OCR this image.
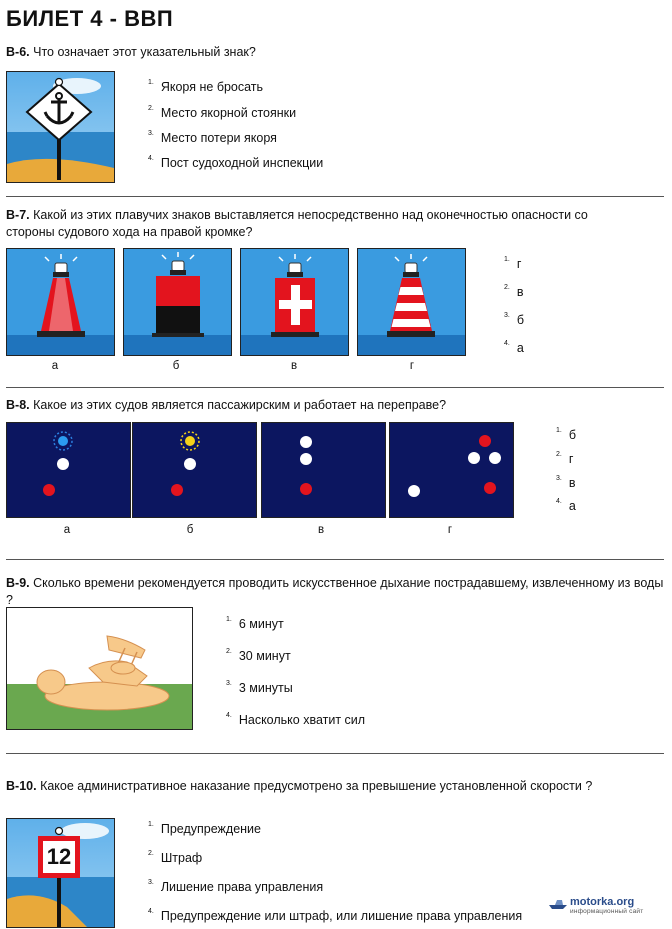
БИЛЕТ 4 - ВВП
В-6. Что означает этот указательный знак?
$^{1.}$ Якоря не бросать
$^{2.}$ Место якорной стоянки
$^{3.}$ Место потери якоря
$^{4.}$ Пост судоходной инспекции
В-7. Какой из этих плавучих знаков выставляется непосредственно над оконечностью опасности со стороны судового хода на правой кромке?
а	б	в	г
$^{1.}$ г
$^{2.}$ в
$^{3.}$ б
$^{4.}$ а
В-8. Какое из этих судов является пассажирским и работает на переправе?
а	б	в	г
$^{1.}$ б
$^{2.}$ г
$^{3.}$ в
$^{4.}$ а
В-9. Сколько времени рекомендуется проводить искусственное дыхание пострадавшему, извлеченному из воды ?
$^{1.}$ 6 минут
$^{2.}$ 30 минут
$^{3.}$ 3 минуты
$^{4.}$ Насколько хватит сил
В-10. Какое административное наказание предусмотрено за превышение установленной скорости ?
12
$^{1.}$ Предупреждение
$^{2.}$ Штраф
$^{3.}$ Лишение права управления
$^{4.}$ Предупреждение или штраф, или лишение права управления
motorka.org
информационный сайт
